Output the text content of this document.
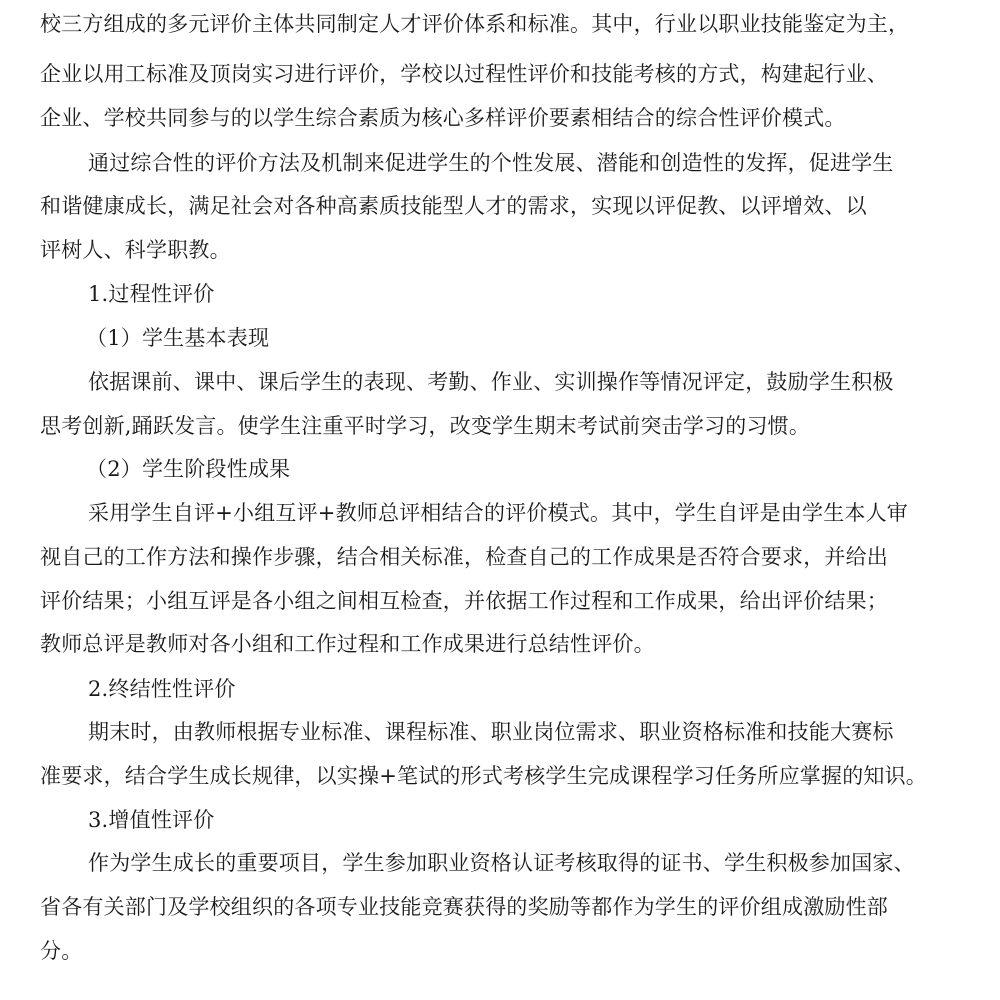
校三方组成的多元评价主体共同制定人才评价体系和标准。其中，行业以职业技能鉴定为主，
企业以用工标准及顶岗实习进行评价，学校以过程性评价和技能考核的方式，构建起行业、
企业、学校共同参与的以学生综合素质为核心多样评价要素相结合的综合性评价模式。
通过综合性的评价方法及机制来促进学生的个性发展、潜能和创造性的发挥，促进学生
和谐健康成长，满足社会对各种高素质技能型人才的需求，实现以评促教、以评增效、以
评树人、科学职教。
1.过程性评价
（1）学生基本表现
依据课前、课中、课后学生的表现、考勤、作业、实训操作等情况评定，鼓励学生积极
思考创新,踊跃发言。使学生注重平时学习，改变学生期末考试前突击学习的习惯。
（2）学生阶段性成果
采用学生自评+小组互评+教师总评相结合的评价模式。其中，学生自评是由学生本人审
视自己的工作方法和操作步骤，结合相关标准，检查自己的工作成果是否符合要求，并给出
评价结果；小组互评是各小组之间相互检查，并依据工作过程和工作成果，给出评价结果；
教师总评是教师对各小组和工作过程和工作成果进行总结性评价。
2.终结性性评价
期末时，由教师根据专业标准、课程标准、职业岗位需求、职业资格标准和技能大赛标
准要求，结合学生成长规律，以实操+笔试的形式考核学生完成课程学习任务所应掌握的知识。
3.增值性评价
作为学生成长的重要项目，学生参加职业资格认证考核取得的证书、学生积极参加国家、
省各有关部门及学校组织的各项专业技能竞赛获得的奖励等都作为学生的评价组成激励性部
分。
